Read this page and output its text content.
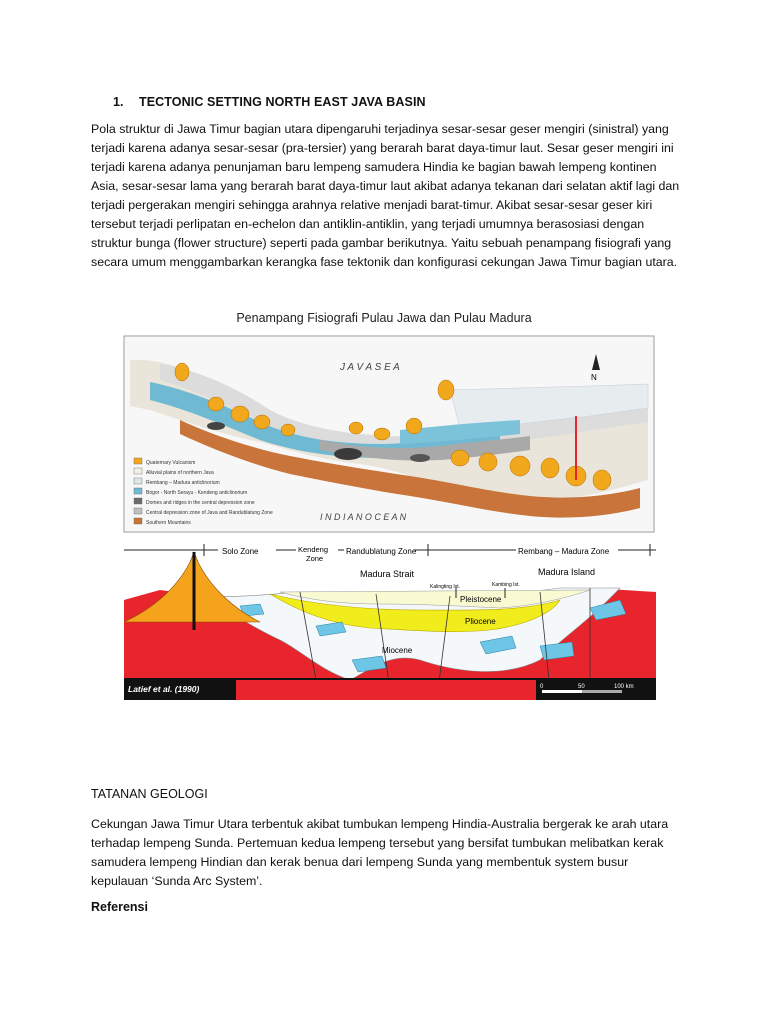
1. TECTONIC SETTING NORTH EAST JAVA BASIN
Pola struktur di Jawa Timur bagian utara dipengaruhi terjadinya sesar-sesar geser mengiri (sinistral) yang terjadi karena adanya sesar-sesar (pra-tersier) yang berarah barat daya-timur laut. Sesar geser mengiri ini terjadi karena adanya penunjaman baru lempeng samudera Hindia ke bagian bawah lempeng kontinen Asia, sesar-sesar lama yang berarah barat daya-timur laut akibat adanya tekanan dari selatan aktif lagi dan terjadi pergerakan mengiri sehingga arahnya relative menjadi barat-timur. Akibat sesar-sesar geser kiri tersebut terjadi perlipatan en-echelon dan antiklin-antiklin, yang terjadi umumnya berasosiasi dengan struktur bunga (flower structure) seperti pada gambar berikutnya. Yaitu sebuah penampang fisiografi yang secara umum menggambarkan kerangka fase tektonik dan konfigurasi cekungan Jawa Timur bagian utara.
Penampang Fisiografi Pulau Jawa dan Pulau Madura
N
J A V A S E A
I N D I A N O C E A N
Quaternary Vulcanism
Alluvial plains of northern Java
Rembang – Madura anticlinorium
Bogor - North Serayu - Kendeng anticlinorium
Domes and ridges in the central depression zone
Central depression zone of Java and Randublatung Zone
Southern Mountains
Solo Zone	Kendeng
Zone
Randublatung Zone	Rembang – Madura Zone
Madura Strait	Madura Island
Pleistocene
Pliocene
Miocene
Kalingting Ist.	Kambing Ist.
Latief et al. (1990)	0	50	100 km
TATANAN GEOLOGI
Cekungan Jawa Timur Utara terbentuk akibat tumbukan lempeng Hindia-Australia bergerak ke arah utara terhadap lempeng Sunda. Pertemuan kedua lempeng tersebut yang bersifat tumbukan melibatkan kerak samudera lempeng Hindian dan kerak benua dari lempeng Sunda yang membentuk system busur kepulauan ‘Sunda Arc System’.
Referensi
